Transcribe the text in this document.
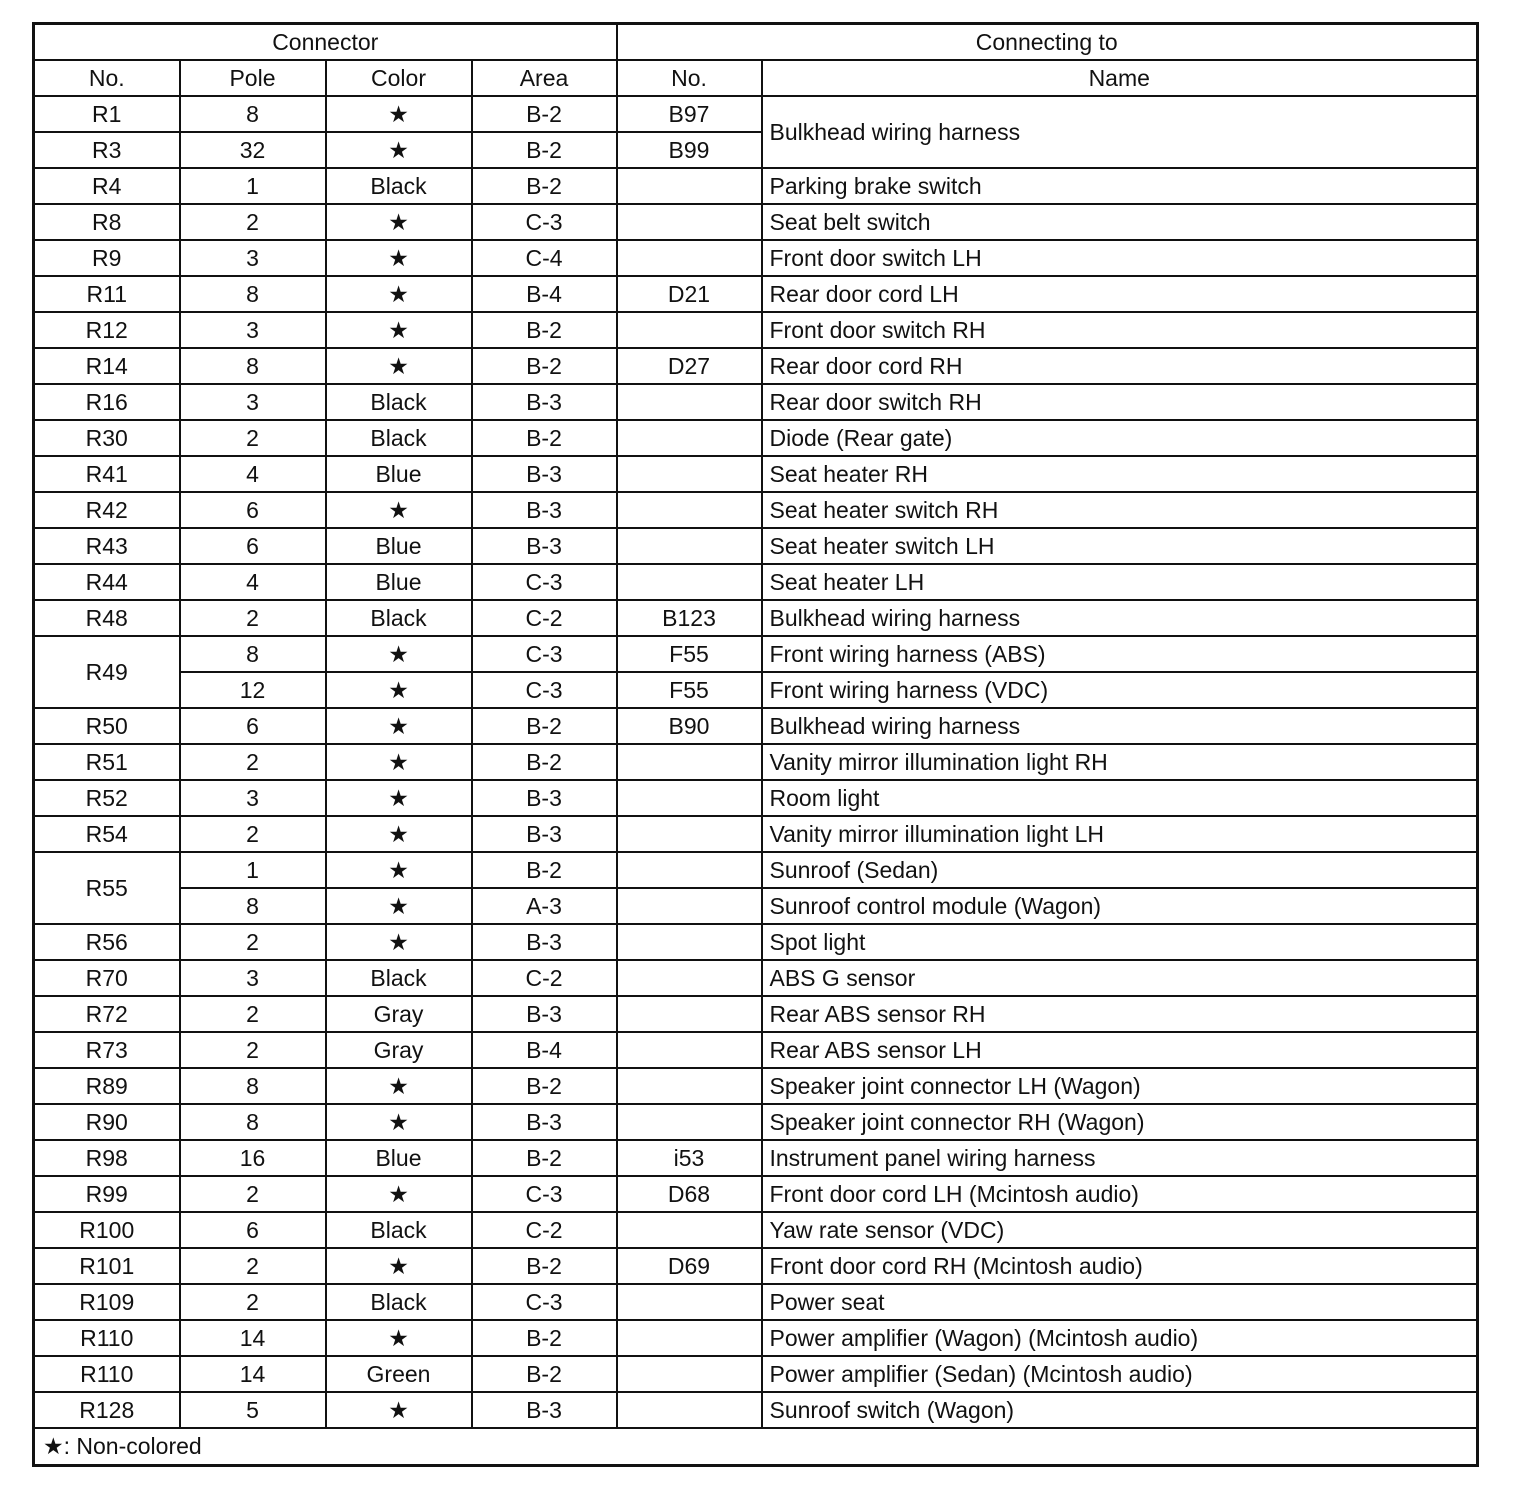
Connector				Connecting to	
No.	Pole	Color	Area	No.	Name
R1	8	★	B-2	B97	Bulkhead wiring harness
R3	32	★	B-2	B99	
R4	1	Black	B-2		Parking brake switch
R8	2	★	C-3		Seat belt switch
R9	3	★	C-4		Front door switch LH
R11	8	★	B-4	D21	Rear door cord LH
R12	3	★	B-2		Front door switch RH
R14	8	★	B-2	D27	Rear door cord RH
R16	3	Black	B-3		Rear door switch RH
R30	2	Black	B-2		Diode (Rear gate)
R41	4	Blue	B-3		Seat heater RH
R42	6	★	B-3		Seat heater switch RH
R43	6	Blue	B-3		Seat heater switch LH
R44	4	Blue	C-3		Seat heater LH
R48	2	Black	C-2	B123	Bulkhead wiring harness
R49	8	★	C-3	F55	Front wiring harness (ABS)
	12	★	C-3	F55	Front wiring harness (VDC)
R50	6	★	B-2	B90	Bulkhead wiring harness
R51	2	★	B-2		Vanity mirror illumination light RH
R52	3	★	B-3		Room light
R54	2	★	B-3		Vanity mirror illumination light LH
R55	1	★	B-2		Sunroof (Sedan)
	8	★	A-3		Sunroof control module (Wagon)
R56	2	★	B-3		Spot light
R70	3	Black	C-2		ABS G sensor
R72	2	Gray	B-3		Rear ABS sensor RH
R73	2	Gray	B-4		Rear ABS sensor LH
R89	8	★	B-2		Speaker joint connector LH (Wagon)
R90	8	★	B-3		Speaker joint connector RH (Wagon)
R98	16	Blue	B-2	i53	Instrument panel wiring harness
R99	2	★	C-3	D68	Front door cord LH (Mcintosh audio)
R100	6	Black	C-2		Yaw rate sensor (VDC)
R101	2	★	B-2	D69	Front door cord RH (Mcintosh audio)
R109	2	Black	C-3		Power seat
R110	14	★	B-2		Power amplifier (Wagon) (Mcintosh audio)
R110	14	Green	B-2		Power amplifier (Sedan) (Mcintosh audio)
R128	5	★	B-3		Sunroof switch (Wagon)
★: Non-colored					
